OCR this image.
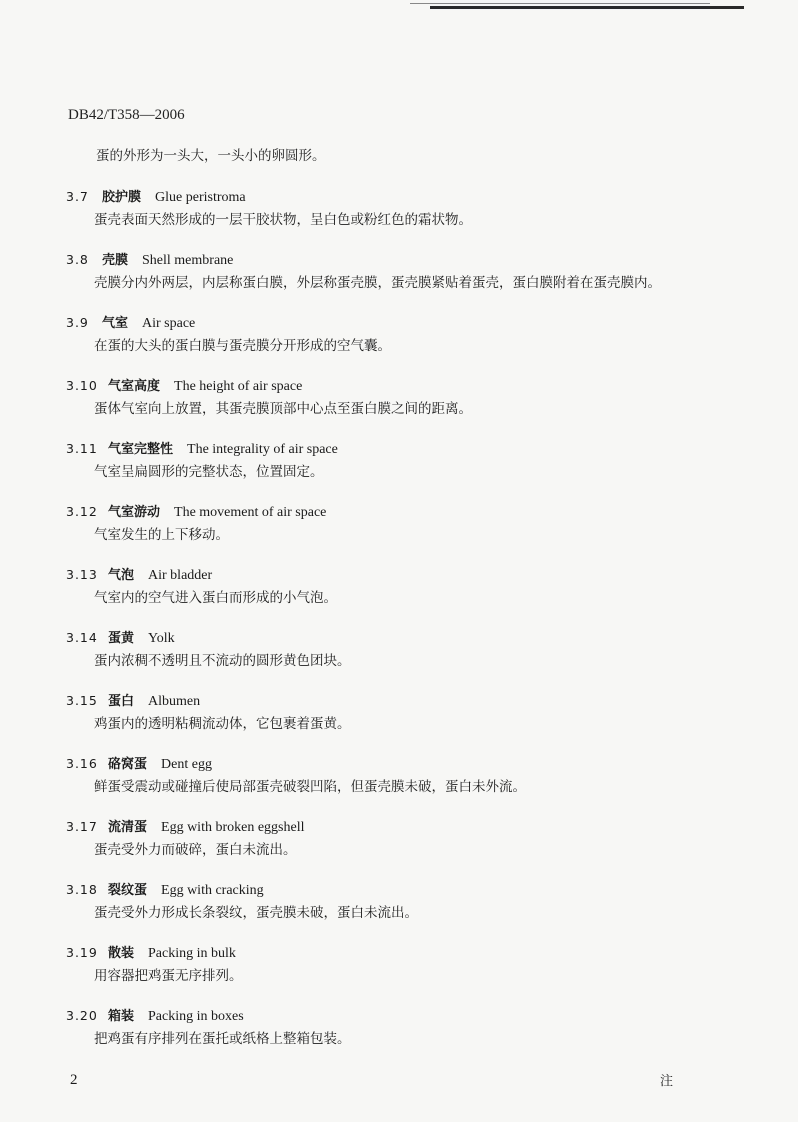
DB42/T358—2006
蛋的外形为一头大，一头小的卵圆形。
3.7	胶护膜 Glue peristroma
蛋壳表面天然形成的一层干胶状物，呈白色或粉红色的霜状物。
3.8	壳膜 Shell membrane
壳膜分内外两层，内层称蛋白膜，外层称蛋壳膜，蛋壳膜紧贴着蛋壳，蛋白膜附着在蛋壳膜内。
3.9	气室 Air space
在蛋的大头的蛋白膜与蛋壳膜分开形成的空气囊。
3.10 气室高度 The height of air space
蛋体气室向上放置，其蛋壳膜顶部中心点至蛋白膜之间的距离。
3.11 气室完整性 The integrality of air space
气室呈扁圆形的完整状态，位置固定。
3.12 气室游动 The movement of air space
气室发生的上下移动。
3.13 气泡 Air bladder
气室内的空气进入蛋白而形成的小气泡。
3.14 蛋黄 Yolk
蛋内浓稠不透明且不流动的圆形黄色团块。
3.15 蛋白 Albumen
鸡蛋内的透明粘稠流动体，它包裹着蛋黄。
3.16 硌窝蛋 Dent egg
鲜蛋受震动或碰撞后使局部蛋壳破裂凹陷，但蛋壳膜未破，蛋白未外流。
3.17 流清蛋 Egg with broken eggshell
蛋壳受外力而破碎，蛋白未流出。
3.18 裂纹蛋 Egg with cracking
蛋壳受外力形成长条裂纹，蛋壳膜未破，蛋白未流出。
3.19 散装 Packing in bulk
用容器把鸡蛋无序排列。
3.20 箱装 Packing in boxes
把鸡蛋有序排列在蛋托或纸格上整箱包装。
2	注
